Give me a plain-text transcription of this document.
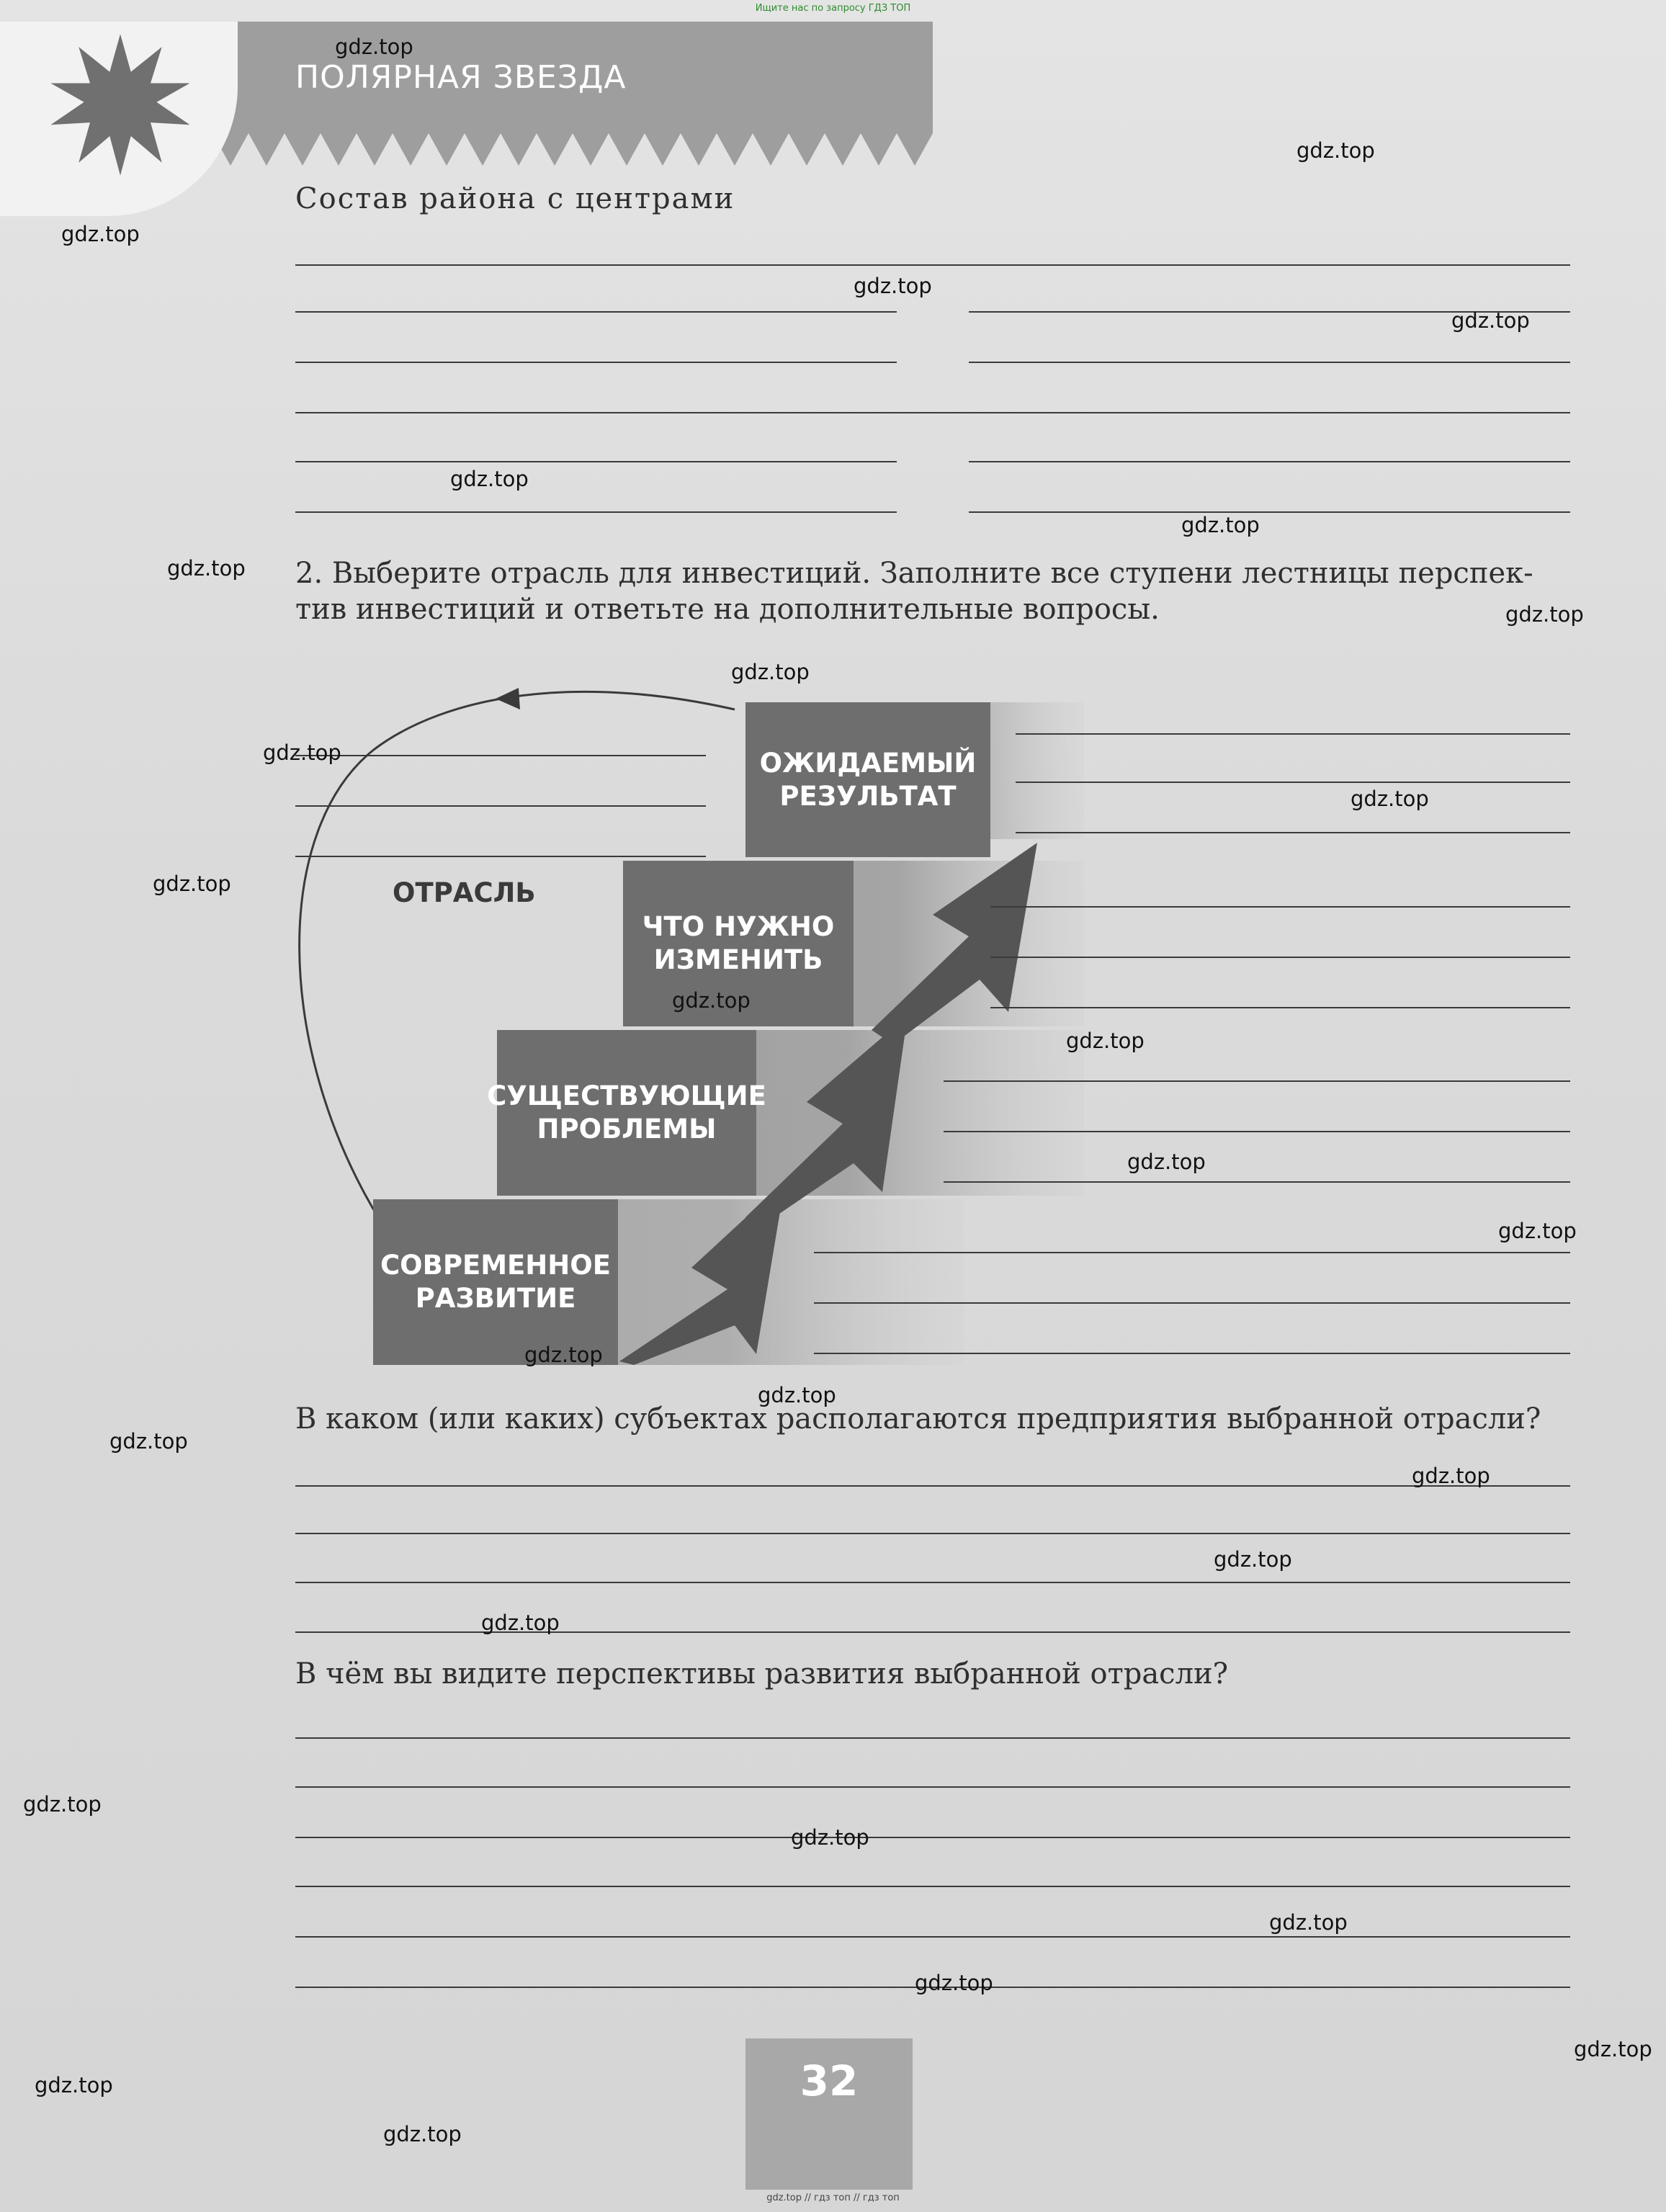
Ищите нас по запросу ГДЗ ТОП
ПОЛЯРНАЯ ЗВЕЗДА
Состав района с центрами
2. Выберите отрасль для инвестиций. Заполните все ступени лестницы перспек-
тив инвестиций и ответьте на дополнительные вопросы.
СОВРЕМЕННОЕ
РАЗВИТИЕ
СУЩЕСТВУЮЩИЕ
ПРОБЛЕМЫ
ЧТО НУЖНО
ИЗМЕНИТЬ
ОЖИДАЕМЫЙ
РЕЗУЛЬТАТ
ОТРАСЛЬ
В каком (или каких) субъектах располагаются предприятия выбранной отрасли?
В чём вы видите перспективы развития выбранной отрасли?
32
gdz.top
gdz.top
gdz.top
gdz.top
gdz.top
gdz.top
gdz.top
gdz.top
gdz.top
gdz.top
gdz.top
gdz.top
gdz.top
gdz.top
gdz.top
gdz.top
gdz.top
gdz.top
gdz.top
gdz.top
gdz.top
gdz.top
gdz.top
gdz.top
gdz.top
gdz.top
gdz.top
gdz.top
gdz.top
gdz.top
gdz.top // гдз топ // гдз топ
